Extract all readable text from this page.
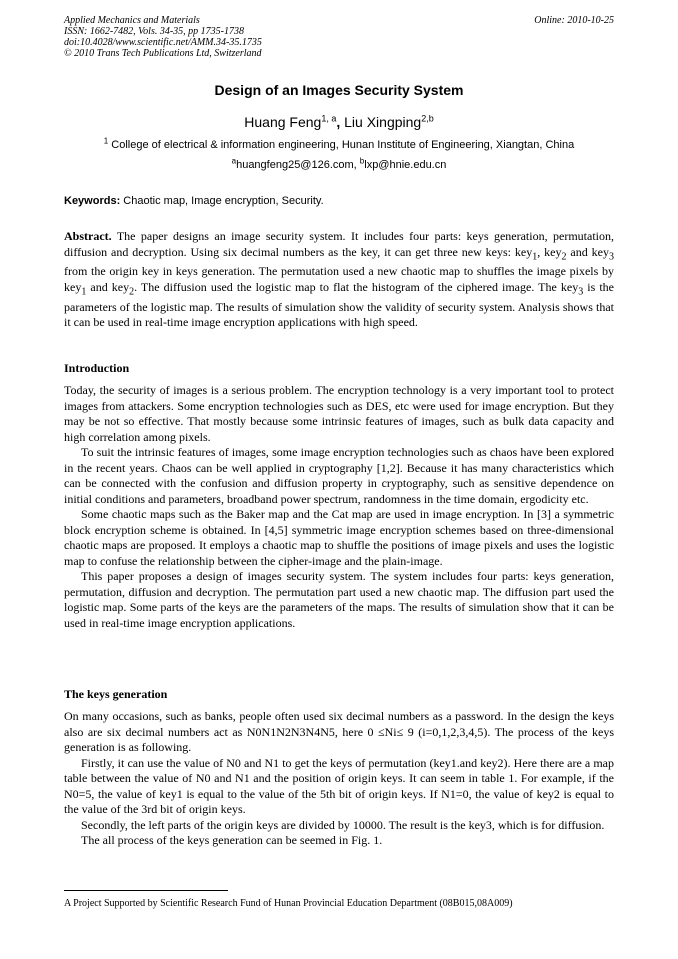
Applied Mechanics and Materials
ISSN: 1662-7482, Vols. 34-35, pp 1735-1738
doi:10.4028/www.scientific.net/AMM.34-35.1735
© 2010 Trans Tech Publications Ltd, Switzerland
Online: 2010-10-25
Design of an Images Security System
Huang Feng$^{1, a}$, Liu Xingping$^{2,b}$
$^1$ College of electrical & information engineering, Hunan Institute of Engineering, Xiangtan, China
$^a$huangfeng25@126.com, $^b$lxp@hnie.edu.cn
Keywords: Chaotic map, Image encryption, Security.

Abstract. The paper designs an image security system. It includes four parts: keys generation, permutation, diffusion and decryption. Using six decimal numbers as the key, it can get three new keys: key$_1$, key$_2$ and key$_3$ from the origin key in keys generation. The permutation used a new chaotic map to shuffles the image pixels by key$_1$ and key$_2$. The diffusion used the logistic map to flat the histogram of the ciphered image. The key$_3$ is the parameters of the logistic map. The results of simulation show the validity of security system. Analysis shows that it can be used in real-time image encryption applications with high speed.

Introduction

Today, the security of images is a serious problem. The encryption technology is a very important tool to protect images from attackers. Some encryption technologies such as DES, etc were used for image encryption. But they may be not so effective. That mostly because some intrinsic features of images, such as bulk data capacity and high correlation among pixels.

To suit the intrinsic features of images, some image encryption technologies such as chaos have been explored in the recent years. Chaos can be well applied in cryptography [1,2]. Because it has many characteristics which can be connected with the confusion and diffusion property in cryptography, such as sensitive dependence on initial conditions and parameters, broadband power spectrum, randomness in the time domain, ergodicity etc.

Some chaotic maps such as the Baker map and the Cat map are used in image encryption. In [3] a symmetric block encryption scheme is obtained. In [4,5] symmetric image encryption schemes based on three-dimensional chaotic maps are proposed. It employs a chaotic map to shuffle the positions of image pixels and uses the logistic map to confuse the relationship between the cipher-image and the plain-image.

This paper proposes a design of images security system. The system includes four parts: keys generation, permutation, diffusion and decryption. The permutation part used a new chaotic map. The diffusion part used the logistic map. Some parts of the keys are the parameters of the maps. The results of simulation show that it can be used in real-time image encryption applications.

The keys generation

On many occasions, such as banks, people often used six decimal numbers as a password. In the design the keys also are six decimal numbers act as N0N1N2N3N4N5, here 0 ≤Ni≤ 9 (i=0,1,2,3,4,5). The process of the keys generation is as following.

Firstly, it can use the value of N0 and N1 to get the keys of permutation (key1.and key2). Here there are a map table between the value of N0 and N1 and the position of origin keys. It can seem in table 1. For example, if the N0=5, the value of key1 is equal to the value of the 5th bit of origin keys. If N1=0, the value of key2 is equal to the value of the 3rd bit of origin keys.

Secondly, the left parts of the origin keys are divided by 10000. The result is the key3, which is for diffusion.

The all process of the keys generation can be seemed in Fig. 1.

A Project Supported by Scientific Research Fund of Hunan Provincial Education Department (08B015,08A009)
